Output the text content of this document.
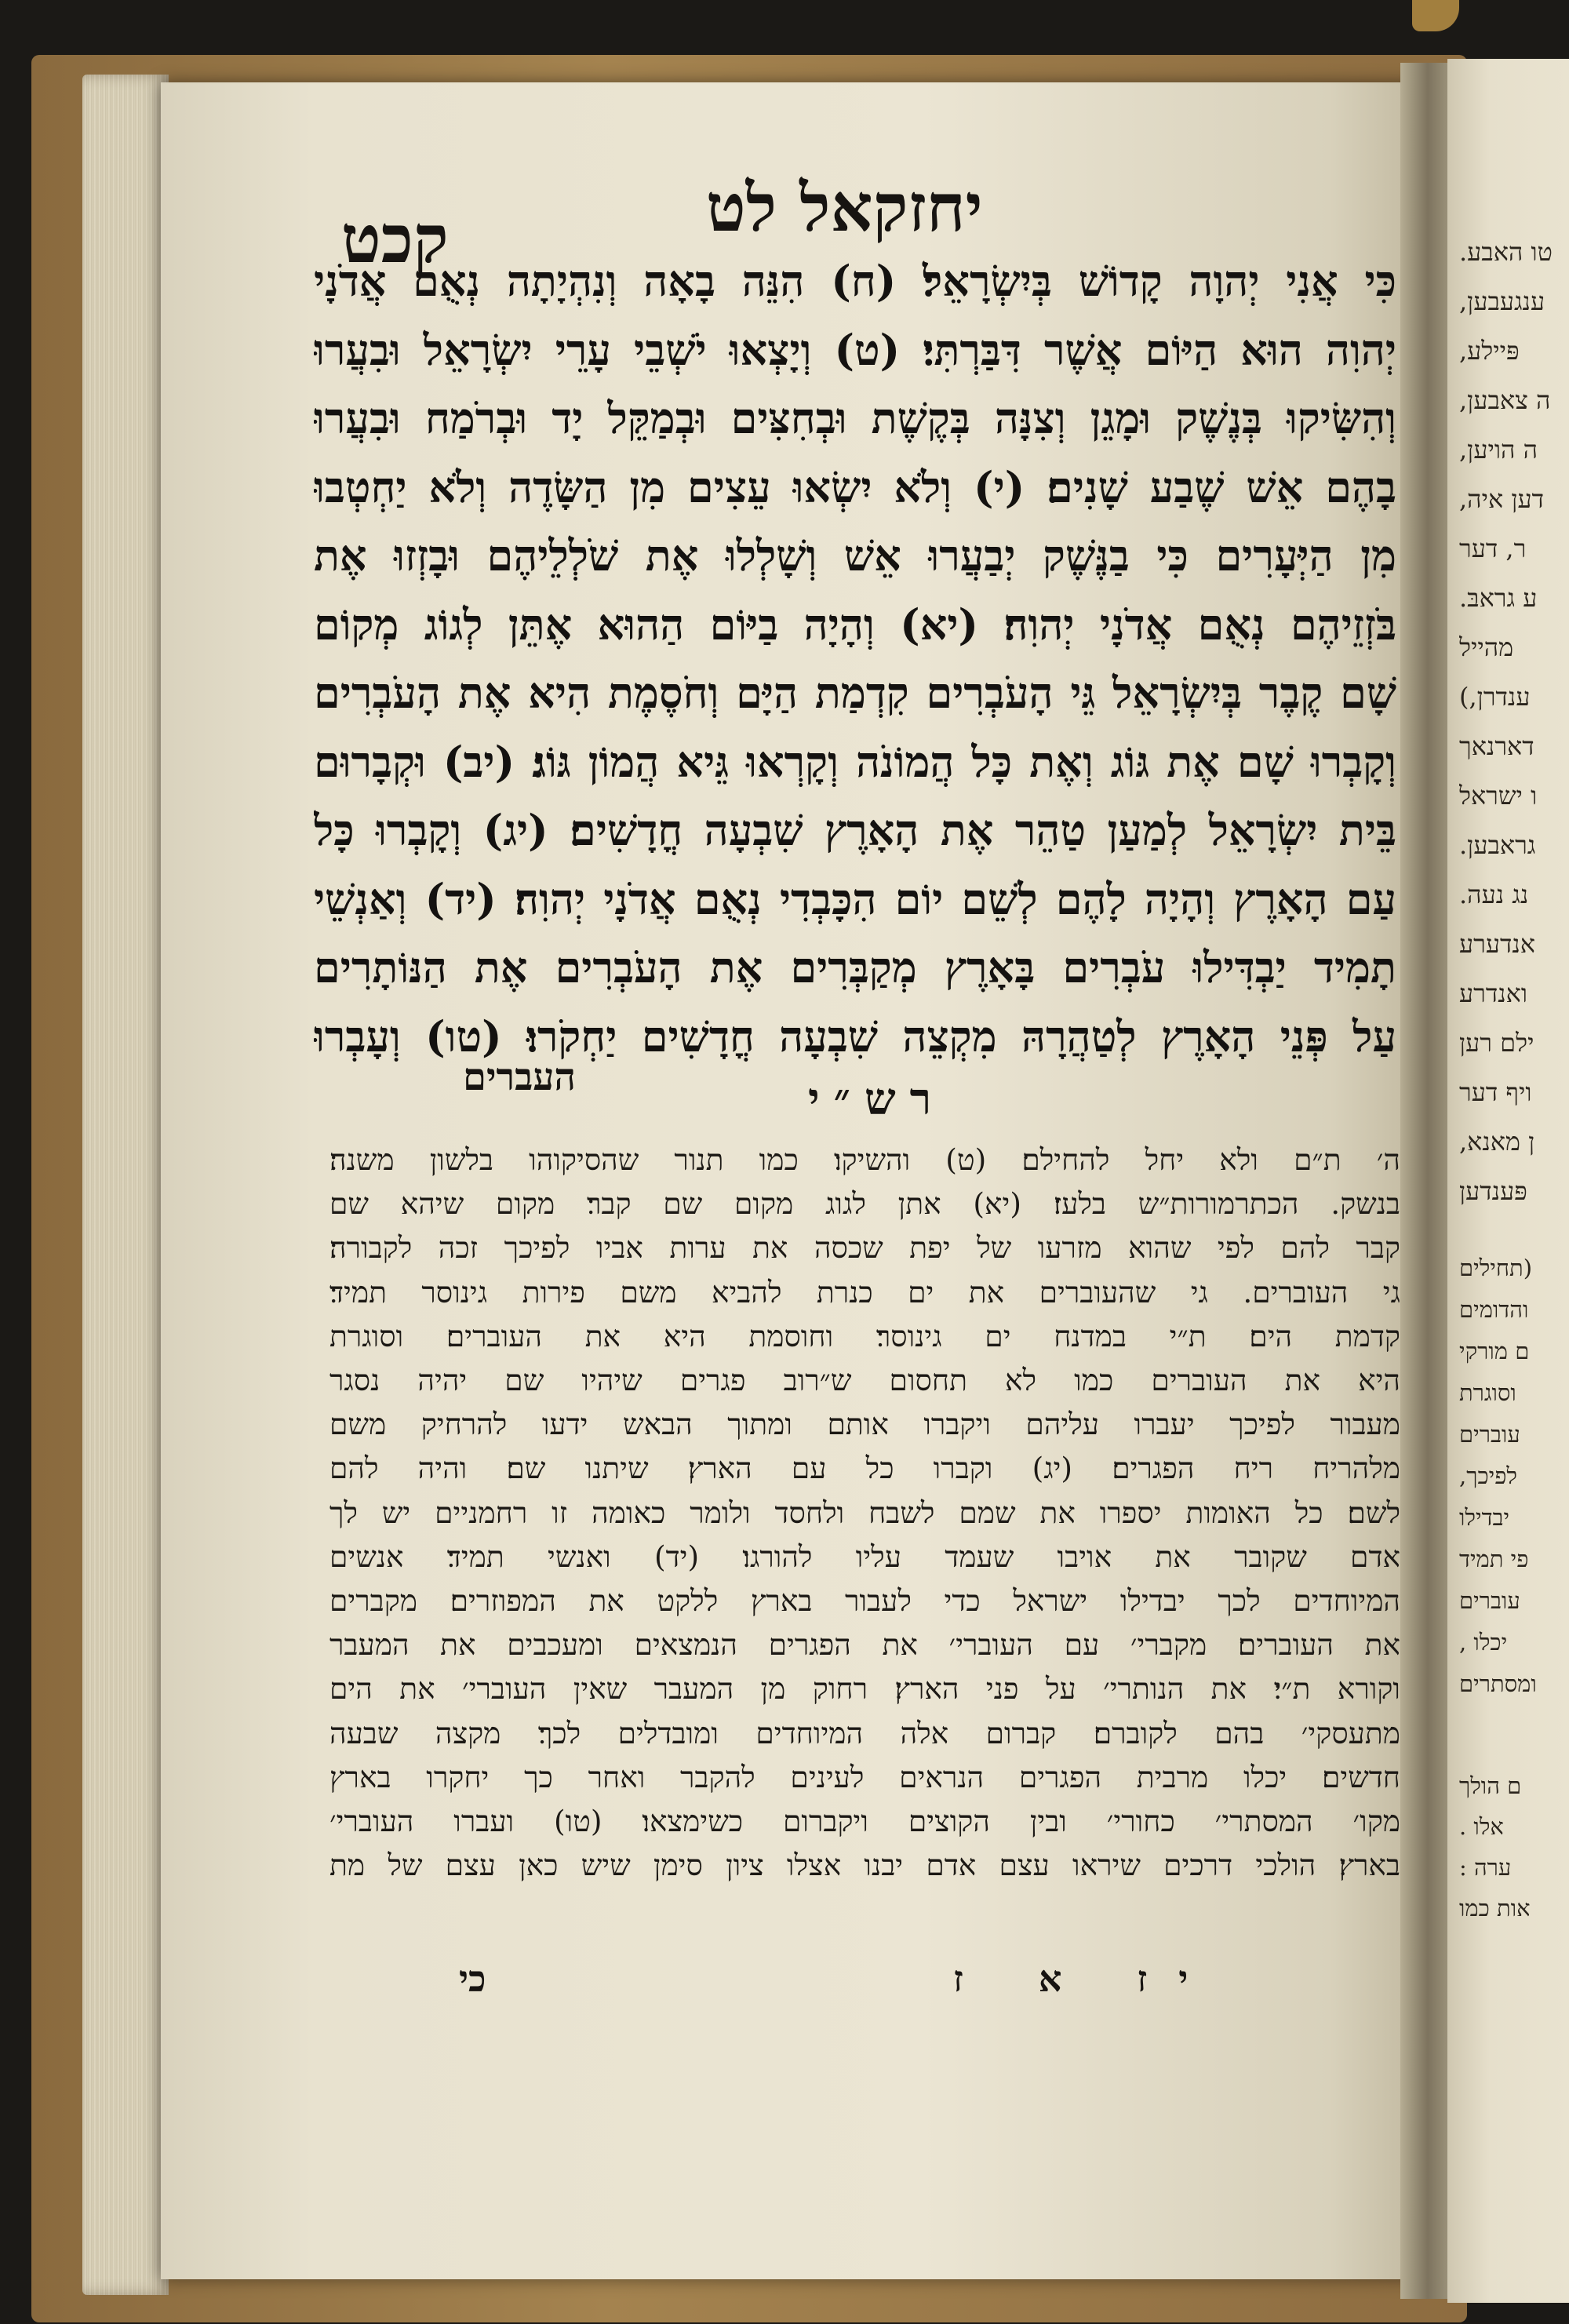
טו האבע.
ענגעבען,
פּיילע,
ה צאבען,
ה הויען,
דען איה,
ר, דער
ע גראבּ.
מהייל
ענדרן,)
דארנאך
ו ישראל
גראבען.
נג נעה.
אנדערע
ואנדרע
ילם רען
ויף דער
ן מאנא,
פּענדען
(תחילים
והדומים
ם מורקי
וסוגרת
עוברים
לפיכך,
יבדילו
פי תמיד
עוברים
יכלו ,
ומסתרים
ם הולך
אלו .
ערה :
אות כמו
יחזקאל לט
קכט
כִּי אֲנִי יְהוָה קָדוֹשׁ בְּיִשְׂרָאֵל׃ (ח) הִנֵּה בָאָה וְנִהְיָתָה נְאֻם אֲדֹנָי
יְהוִה הוּא הַיּוֹם אֲשֶׁר דִּבַּרְתִּי׃ (ט) וְיָצְאוּ יֹשְׁבֵי עָרֵי יִשְׂרָאֵל וּבִעֲרוּ
וְהִשִּׂיקוּ בְּנֶשֶׁק וּמָגֵן וְצִנָּה בְּקֶשֶׁת וּבְחִצִּים וּבְמַקֵּל יָד וּבְרֹמַח וּבִעֲרוּ
בָהֶם אֵשׁ שֶׁבַע שָׁנִים׃ (י) וְלֹא יִשְׂאוּ עֵצִים מִן הַשָּׂדֶה וְלֹא יַחְטְבוּ
מִן הַיְּעָרִים כִּי בַנֶּשֶׁק יְבַעֲרוּ אֵשׁ וְשָׁלְלוּ אֶת שֹׁלְלֵיהֶם וּבָזְזוּ אֶת
בֹּזְזֵיהֶם נְאֻם אֲדֹנָי יְהוִה׃ (יא) וְהָיָה בַיּוֹם הַהוּא אֶתֵּן לְגוֹג מְקוֹם
שָׁם קֶבֶר בְּיִשְׂרָאֵל גֵּי הָעֹבְרִים קִדְמַת הַיָּם וְחֹסֶמֶת הִיא אֶת הָעֹבְרִים
וְקָבְרוּ שָׁם אֶת גּוֹג וְאֶת כָּל הֲמוֹנֹה וְקָרְאוּ גֵּיא הֲמוֹן גּוֹג׃ (יב) וּקְבָרוּם
בֵּית יִשְׂרָאֵל לְמַעַן טַהֵר אֶת הָאָרֶץ שִׁבְעָה חֳדָשִׁים׃ (יג) וְקָבְרוּ כָּל
עַם הָאָרֶץ וְהָיָה לָהֶם לְשֵׁם יוֹם הִכָּבְדִי נְאֻם אֲדֹנָי יְהוִה׃ (יד) וְאַנְשֵׁי
תָמִיד יַבְדִּילוּ עֹבְרִים בָּאָרֶץ מְקַבְּרִים אֶת הָעֹבְרִים אֶת הַנּוֹתָרִים
עַל פְּנֵי הָאָרֶץ לְטַהֲרָהּ מִקְצֵה שִׁבְעָה חֳדָשִׁים יַחְקֹרוּ׃ (טו) וְעָבְרוּ
העברים	רש״י
ה׳ ת״ם ולא יחל להחילם׃ (ט) והשיקו׃ כמו תנור שהסיקוהו בלשון משנה׃
בנשק. הכתרמורות״ש בלעז׃ (יא) אתן לגוג מקום שם קבר׃ מקום שיהא שם
קבר להם לפי שהוא מזרעו של יפת שכסה את ערות אביו לפיכך זכה לקבורה׃
גי העוברים. גי שהעוברים את ים כנרת להביא משם פירות גינוסר תמיד׃
קדמת הים׃ ת״י במדנח ים גינוסר׃ וחוסמת היא את העוברים׃ וסוגרת
היא את העוברים כמו לא תחסום ש״רוב פגרים שיהיו שם יהיה נסגר
מעבור לפיכך יעברו עליהם ויקברו אותם ומתוך הבאש ידעו להרחיק משם
מלהריח ריח הפגרים׃ (יג) וקברו כל עם הארץ׃ שיתנו שם׃ והיה להם
לשם׃ כל האומות יספרו את שמם לשבח ולחסד ולומר כאומה זו רחמניים יש לך
אדם שקובר את אויבו שעמד עליו להורגו׃ (יד) ואנשי תמיד׃ אנשים
המיוחדים לכך יבדילו ישראל כדי לעבור בארץ ללקט את המפוזרים׃ מקברים
את העוברים׃ מקברי׳ עם העוברי׳ את הפגרים הנמצאים ומעכבים את המעבר
וקורא ת״י׃ את הנותרי׳ על פני הארץ׃ רחוק מן המעבר שאין העוברי׳ את הים
מתעסקי׳ בהם לקוברם׃ קברום אלה המיוחדים ומובדלים לכך׃ מקצה שבעה
חדשים׃ יכלו מרבית הפגרים הנראים לעינים להקבר ואחר כך יחקרו בארץ
מקו׳ המסתרי׳ כחורי׳ ובין הקוצים ויקברום כשימצאו׃ (טו) ועברו העוברי׳
בארץ׃ הולכי דרכים שיראו עצם אדם יבנו אצלו ציון סימן שיש כאן עצם של מת
יז א ז
כי
